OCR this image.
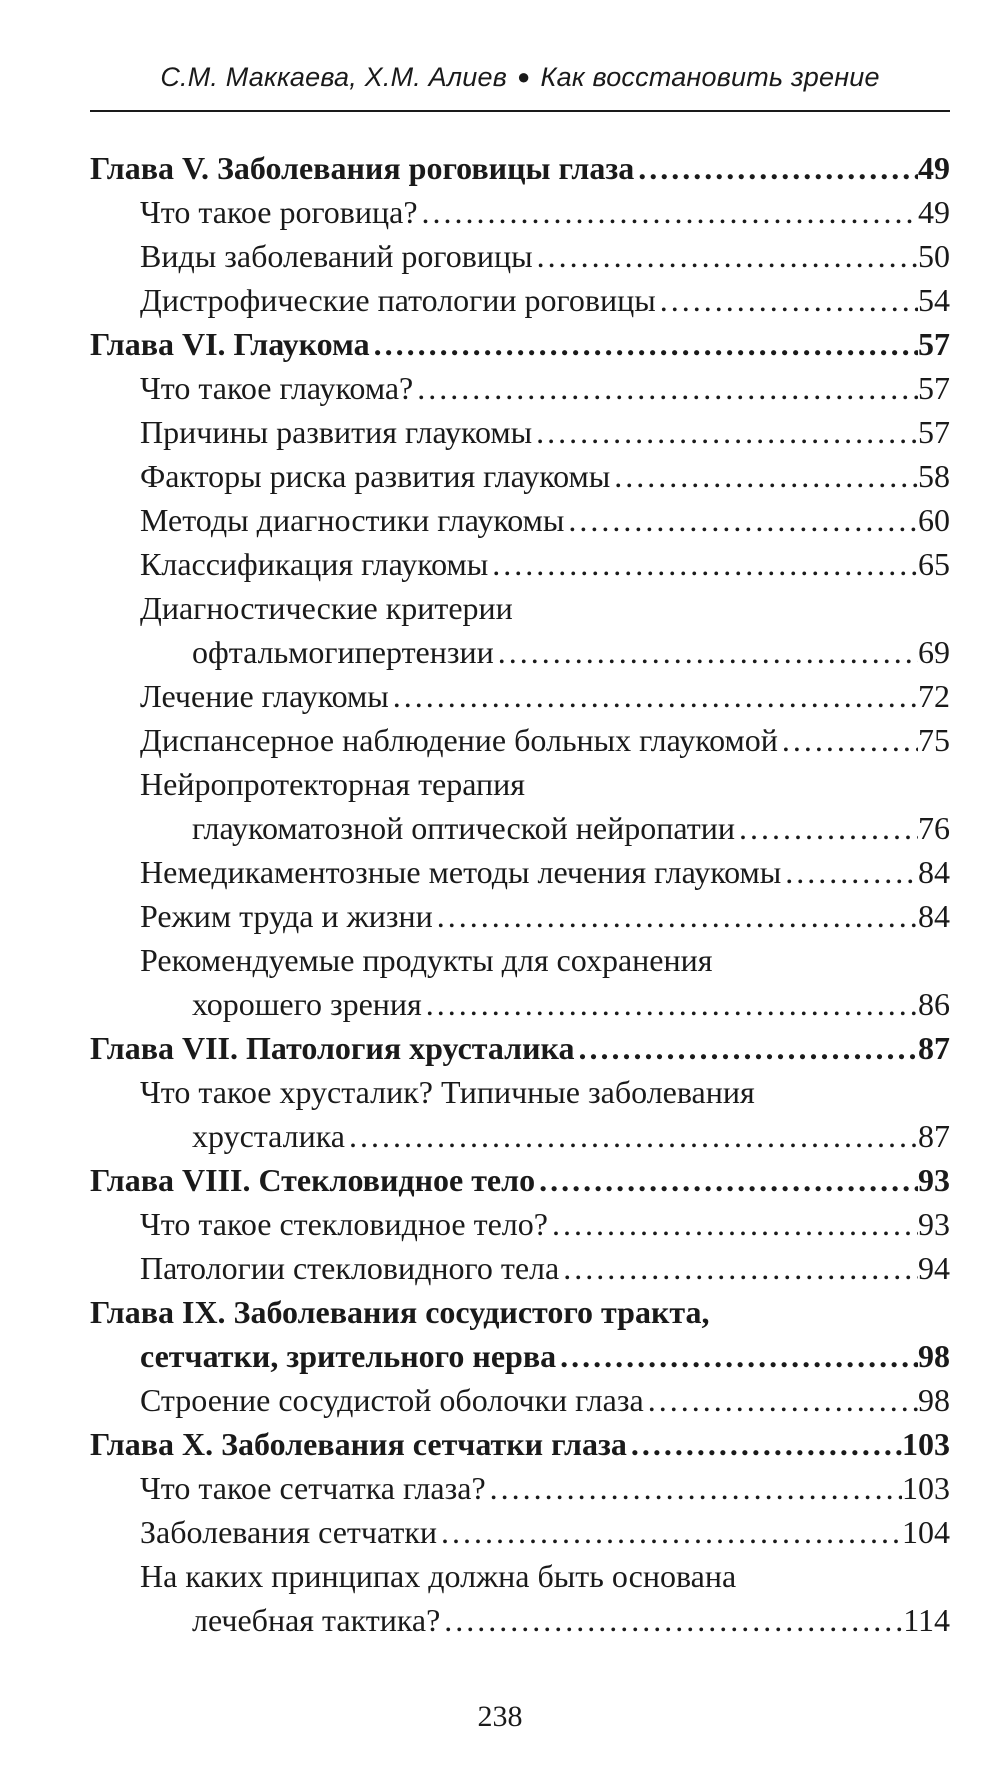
С.М. Маккаева, Х.М. Алиев ● Как восстановить зрение
Глава V. Заболевания роговицы глаза .....	49
Что такое роговица? .....	49
Виды заболеваний роговицы .....	50
Дистрофические патологии роговицы .....	54
Глава VI. Глаукома .....	57
Что такое глаукома? .....	57
Причины развития глаукомы .....	57
Факторы риска развития глаукомы .....	58
Методы диагностики глаукомы .....	60
Классификация глаукомы .....	65
Диагностические критерии
офтальмогипертензии .....	69
Лечение глаукомы .....	72
Диспансерное наблюдение больных глаукомой .....	75
Нейропротекторная терапия
глаукоматозной оптической нейропатии .....	76
Немедикаментозные методы лечения глаукомы .....	84
Режим труда и жизни .....	84
Рекомендуемые продукты для сохранения
хорошего зрения .....	86
Глава VII. Патология хрусталика .....	87
Что такое хрусталик? Типичные заболевания
хрусталика .....	87
Глава VIII. Стекловидное тело .....	93
Что такое стекловидное тело? .....	93
Патологии стекловидного тела .....	94
Глава IX. Заболевания сосудистого тракта,
сетчатки, зрительного нерва .....	98
Строение сосудистой оболочки глаза .....	98
Глава X. Заболевания сетчатки глаза .....	103
Что такое сетчатка глаза? .....	103
Заболевания сетчатки .....	104
На каких принципах должна быть основана
лечебная тактика? .....	114
238
